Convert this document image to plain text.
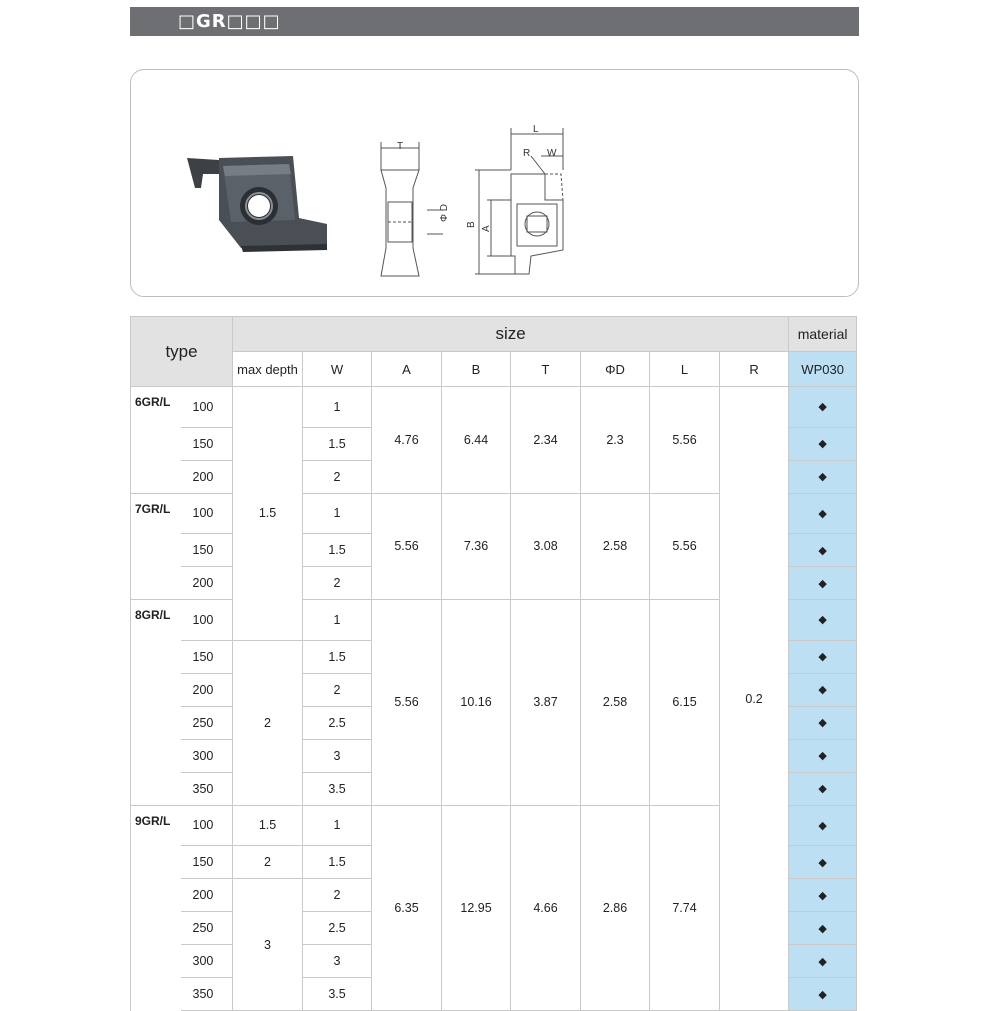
□GR□□□
T
Φ D
L
R W
B
A
type		size								material
		max depth	W	A	B	T	ΦD	L	R	WP030
6GR/L	100	1.5	1	4.76	6.44	2.34	2.3	5.56	0.2	◆
	150		1.5							◆
	200		2							◆
7GR/L	100		1	5.56	7.36	3.08	2.58	5.56		◆
	150		1.5							◆
	200		2							◆
8GR/L	100		1	5.56	10.16	3.87	2.58	6.15		◆
	150	2	1.5							◆
	200		2							◆
	250		2.5							◆
	300		3							◆
	350		3.5							◆
9GR/L	100	1.5	1	6.35	12.95	4.66	2.86	7.74		◆
	150	2	1.5							◆
	200	3	2							◆
	250		2.5							◆
	300		3							◆
	350		3.5							◆
